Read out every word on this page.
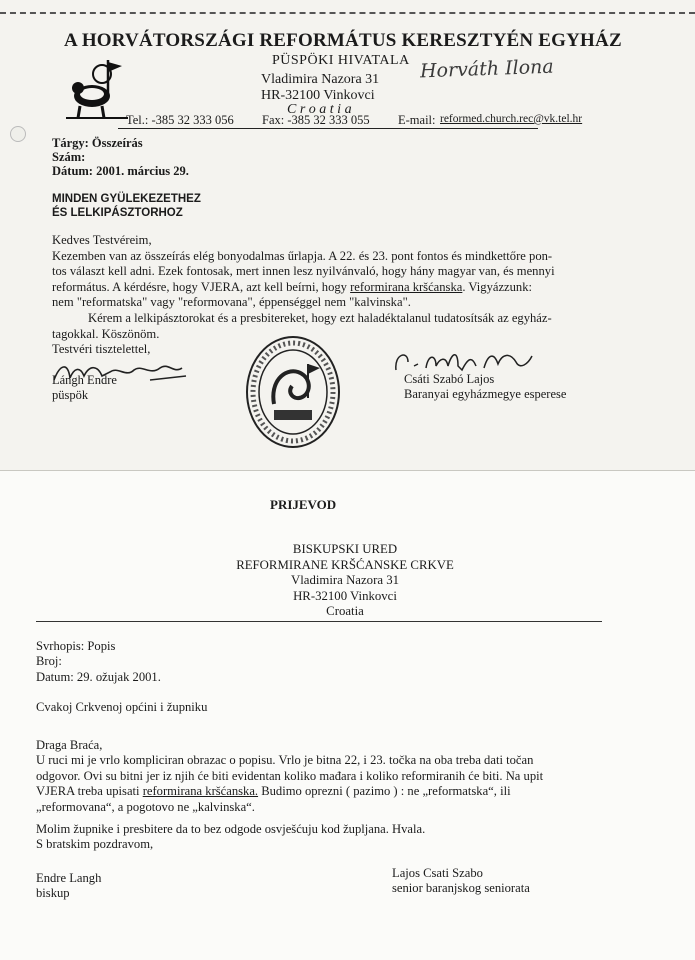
A HORVÁTORSZÁGI REFORMÁTUS KERESZTYÉN EGYHÁZ
PÜSPÖKI HIVATALA
Vladimira Nazora 31
HR-32100 Vinkovci
C r o a t i a
Horváth Ilona
Tel.: -385 32 333 056 Fax: -385 32 333 055 E-mail: reformed.church.rec@vk.tel.hr
Tárgy: Összeírás
Szám:
Dátum: 2001. március 29.
MINDEN GYÜLEKEZETHEZ
ÉS LELKIPÁSZTORHOZ
Kedves Testvéreim,
Kezemben van az összeírás elég bonyodalmas űrlapja. A 22. és 23. pont fontos és mindkettőre pon-
tos választ kell adni. Ezek fontosak, mert innen lesz nyilvánvaló, hogy hány magyar van, és mennyi
református. A kérdésre, hogy VJERA, azt kell beírni, hogy reformirana kršćanska. Vigyázzunk:
nem "reformatska" vagy "reformovana", éppenséggel nem "kalvinska".
Kérem a lelkipásztorokat és a presbitereket, hogy ezt haladéktalanul tudatosítsák az egyház-
tagokkal. Köszönöm.
Testvéri tisztelettel,
Lángh Endre
püspök
Csáti Szabó Lajos
Baranyai egyházmegye esperese
PRIJEVOD
BISKUPSKI URED
REFORMIRANE KRŠĆANSKE CRKVE
Vladimira Nazora 31
HR-32100 Vinkovci
Croatia
Svrhopis: Popis
Broj:
Datum: 29. ožujak 2001.
Cvakoj Crkvenoj općini i župniku
Draga Braća,
U ruci mi je vrlo kompliciran obrazac o popisu. Vrlo je bitna 22, i 23. točka na oba treba dati točan
odgovor. Ovi su bitni jer iz njih će biti evidentan koliko mađara i koliko reformiranih će biti. Na upit
VJERA treba upisati reformirana kršćanska. Budimo oprezni ( pazimo ) : ne „reformatska“, ili
„reformovana“, a pogotovo ne „kalvinska“.
Molim župnike i presbitere da to bez odgode osvješćuju kod župljana. Hvala.
S bratskim pozdravom,
Endre Langh
biskup
Lajos Csati Szabo
senior baranjskog seniorata
